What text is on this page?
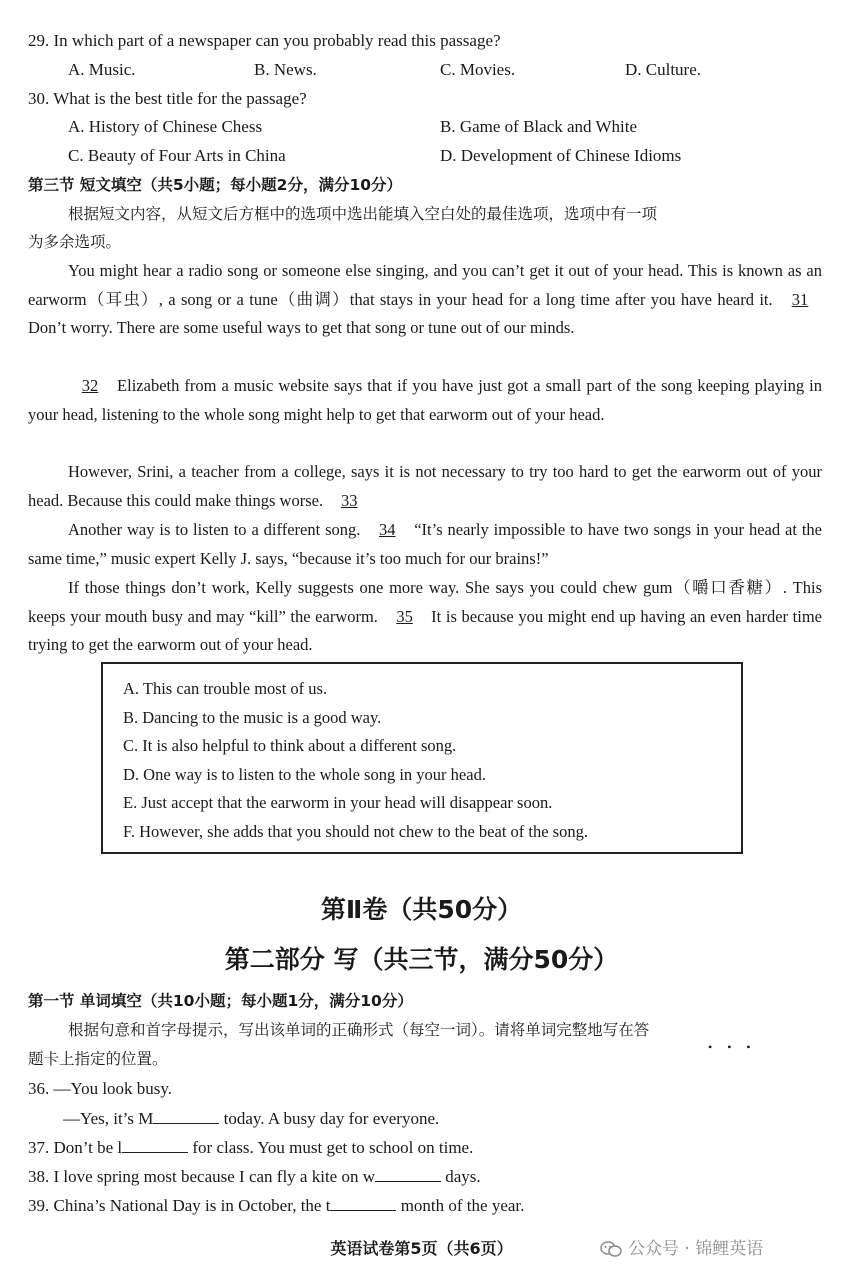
29. In which part of a newspaper can you probably read this passage?
A. Music.	B. News.	C. Movies.	D. Culture.
30. What is the best title for the passage?
A. History of Chinese Chess	B. Game of Black and White
C. Beauty of Four Arts in China	D. Development of Chinese Idioms
第三节 短文填空（共5小题；每小题2分，满分10分）
根据短文内容，从短文后方框中的选项中选出能填入空白处的最佳选项，选项中有一项
为多余选项。
You might hear a radio song or someone else singing, and you can’t get it out of your head. This is known as an earworm（耳虫）, a song or a tune（曲调）that stays in your head for a long time after you have heard it. 31 Don’t worry. There are some useful ways to get that song or tune out of our minds.
32 Elizabeth from a music website says that if you have just got a small part of the song keeping playing in your head, listening to the whole song might help to get that earworm out of your head.
However, Srini, a teacher from a college, says it is not necessary to try too hard to get the earworm out of your head. Because this could make things worse. 33
Another way is to listen to a different song. 34 “It’s nearly impossible to have two songs in your head at the same time,” music expert Kelly J. says, “because it’s too much for our brains!”
If those things don’t work, Kelly suggests one more way. She says you could chew gum（嚼口香糖）. This keeps your mouth busy and may “kill” the earworm. 35 It is because you might end up having an even harder time trying to get the earworm out of your head.
A. This can trouble most of us.
B. Dancing to the music is a good way.
C. It is also helpful to think about a different song.
D. One way is to listen to the whole song in your head.
E. Just accept that the earworm in your head will disappear soon.
F. However, she adds that you should not chew to the beat of the song.
第Ⅱ卷（共50分）
第二部分 写（共三节，满分50分）
第一节 单词填空（共10小题；每小题1分，满分10分）
根据句意和首字母提示，写出该单词的正确形式（每空一词）。请将单词完整地写在答
•     •     •
题卡上指定的位置。
36. —You look busy.
—Yes, it’s M	today. A busy day for everyone.
37. Don’t be l	for class. You must get to school on time.
38. I love spring most because I can fly a kite on w	days.
39. China’s National Day is in October, the t	month of the year.
英语试卷第5页（共6页）	公众号 · 锦鲤英语
